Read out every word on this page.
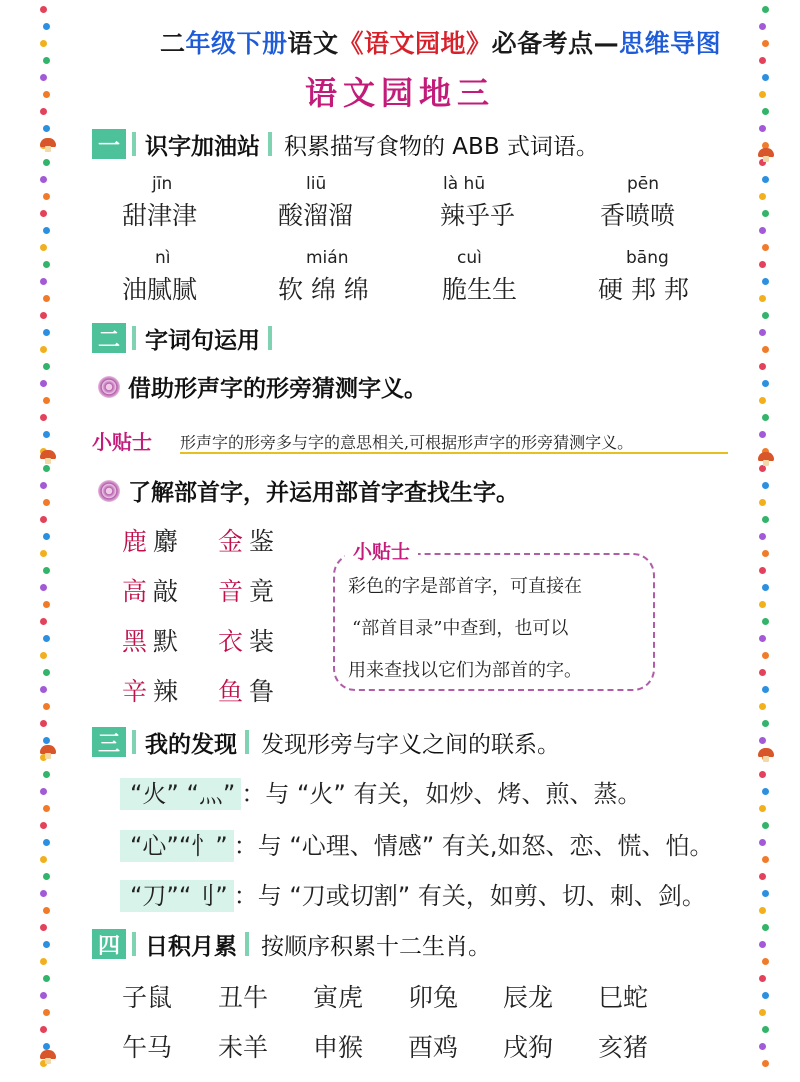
二年级下册语文《语文园地》必备考点—思维导图
语文园地三
一 识字加油站 积累描写食物的 ABB 式词语。
jīn
甜津津
liū
酸溜溜
là hū
辣乎乎
pēn
香喷喷
nì
油腻腻
mián
软 绵 绵
cuì
脆生生
bāng
硬 邦 邦
二 字词句运用
借助形声字的形旁猜测字义。
小贴士 形声字的形旁多与字的意思相关,可根据形声字的形旁猜测字义。
了解部首字，并运用部首字查找生字。
鹿 麝 金 鉴
高 敲 音 竟
黑 默 衣 装
辛 辣 鱼 鲁
小贴士
彩色的字是部首字，可直接在
“部首目录”中查到，也可以
用来查找以它们为部首的字。
三 我的发现 发现形旁与字义之间的联系。
“火” “灬” ：与 “火” 有关，如炒、烤、煎、蒸。
“心”“忄” ：与 “心理、情感” 有关,如怒、恋、慌、怕。
“刀”“刂” ：与 “刀或切割” 有关，如剪、切、刺、剑。
四 日积月累 按顺序积累十二生肖。
子鼠 丑牛 寅虎 卯兔 辰龙 巳蛇
午马 未羊 申猴 酉鸡 戌狗 亥猪
